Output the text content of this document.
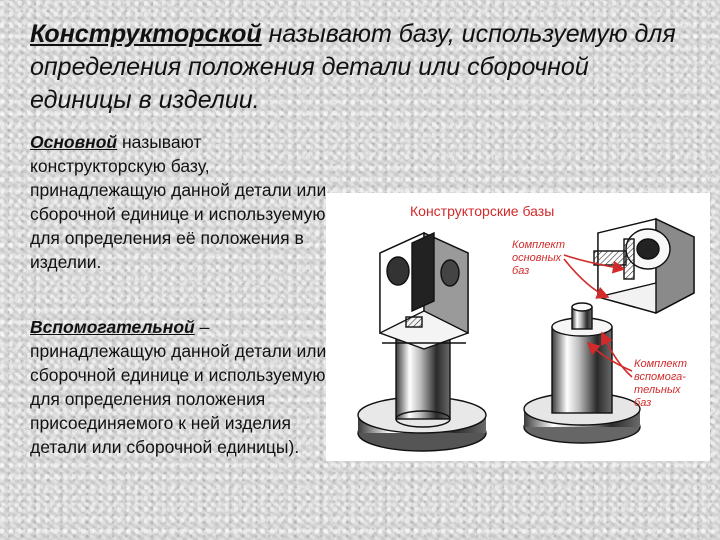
Конструкторской называют базу, используемую для определения положения детали или сборочной единицы в изделии.

Основной называют конструкторскую базу, принадлежащую данной детали или сборочной единице и используемую для определения её положения в изделии.

Вспомогательной – принадлежащую данной детали или сборочной единице и используемую для определения положения присоединяемого к ней изделия детали или сборочной единицы).

Конструкторские базы
Комплект
основных
баз
Комплект
вспомога-
тельных
баз
